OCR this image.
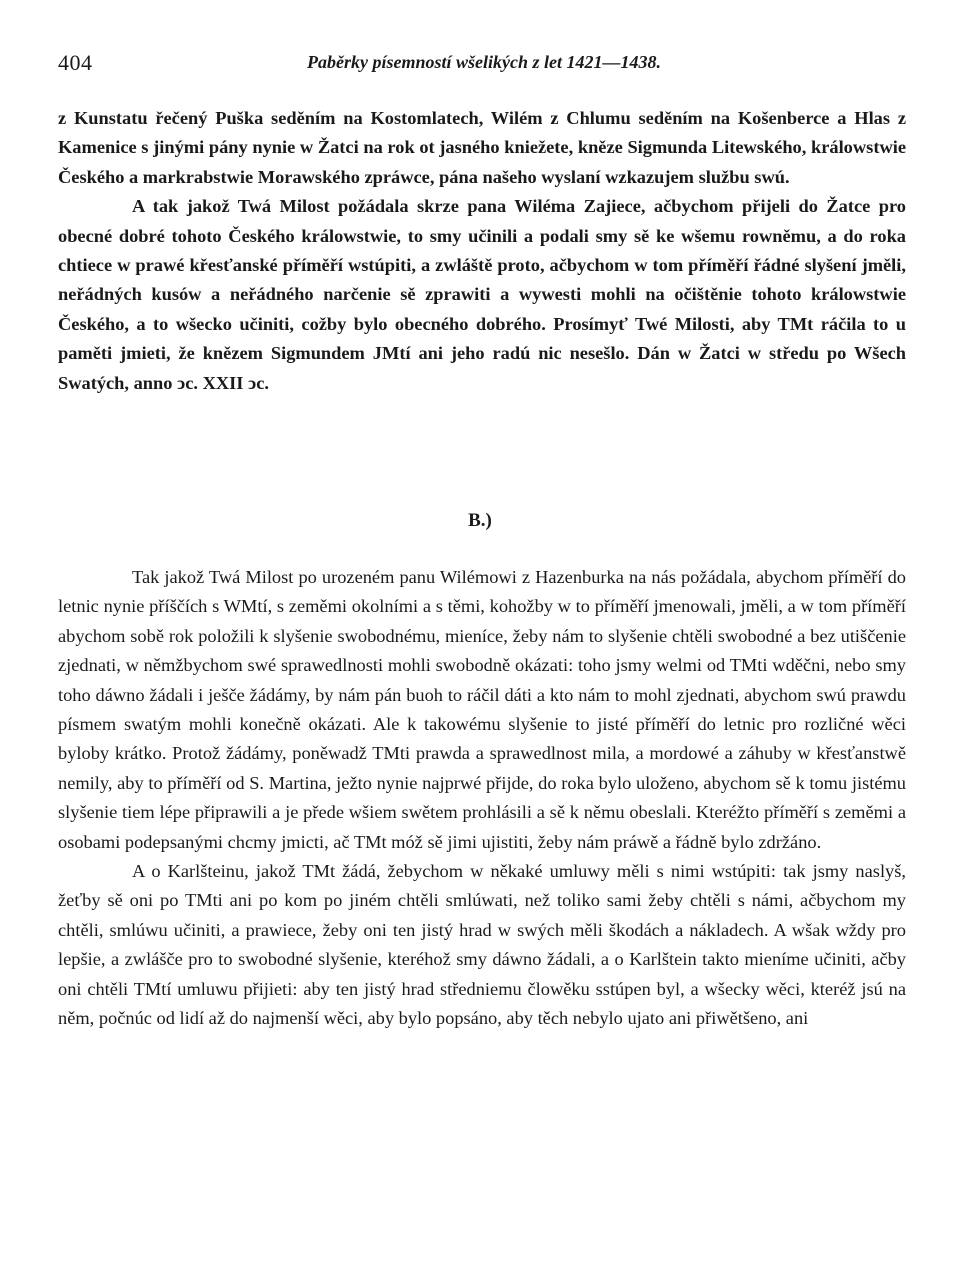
404	Paběrky písemností wšelikých z let 1421—1438.

z Kunstatu řečený Puška seděním na Kostomlatech, Wilém z Chlumu seděním na Košenberce a Hlas z Kamenice s jinými pány nynie w Žatci na rok ot jasného kniežete, kněze Sigmunda Litewského, králowstwie Českého a markrabstwie Morawského zpráwce, pána našeho wyslaní wzkazujem službu swú.

A tak jakož Twá Milost požádala skrze pana Wiléma Zajiece, ačbychom přijeli do Žatce pro obecné dobré tohoto Českého králowstwie, to smy učinili a podali smy sě ke wšemu rowněmu, a do roka chtiece w prawé křesťanské příměří wstúpiti, a zwláště proto, ačbychom w tom příměří řádné slyšení jměli, neřádných kusów a neřádného narčenie sě zprawiti a wywesti mohli na očištěnie tohoto králowstwie Českého, a to wšecko učiniti, cožby bylo obecného dobrého. Prosímyť Twé Milosti, aby TMt ráčila to u paměti jmieti, že knězem Sigmundem JMtí ani jeho radú nic nesešlo. Dán w Žatci w středu po Wšech Swatých, anno ↄc. XXII ↄc.

B.)

Tak jakož Twá Milost po urozeném panu Wilémowi z Hazenburka na nás požádala, abychom příměří do letnic nynie příščích s WMtí, s zeměmi okolními a s těmi, kohožby w to příměří jmenowali, jměli, a w tom příměří abychom sobě rok položili k slyšenie swobodnému, mieníce, žeby nám to slyšenie chtěli swobodné a bez utiščenie zjednati, w němžbychom swé sprawedlnosti mohli swobodně okázati: toho jsmy welmi od TMti wděčni, nebo smy toho dáwno žádali i ješče žádámy, by nám pán buoh to ráčil dáti a kto nám to mohl zjednati, abychom swú prawdu písmem swatým mohli konečně okázati. Ale k takowému slyšenie to jisté příměří do letnic pro rozličné wěci byloby krátko. Protož žádámy, poněwadž TMti prawda a sprawedlnost mila, a mordowé a záhuby w křesťanstwě nemily, aby to příměří od S. Martina, ježto nynie najprwé přijde, do roka bylo uloženo, abychom sě k tomu jistému slyšenie tiem lépe připrawili a je přede wšiem swětem prohlásili a sě k němu obeslali. Kteréžto příměří s zeměmi a osobami podepsanými chcmy jmicti, ač TMt móž sě jimi ujistiti, žeby nám práwě a řádně bylo zdržáno.

A o Karlšteinu, jakož TMt žádá, žebychom w někaké umluwy měli s nimi wstúpiti: tak jsmy naslyš, žeťby sě oni po TMti ani po kom po jiném chtěli smlúwati, než toliko sami žeby chtěli s námi, ačbychom my chtěli, smlúwu učiniti, a prawiece, žeby oni ten jistý hrad w swých měli škodách a nákladech. A wšak wždy pro lepšie, a zwlášče pro to swobodné slyšenie, kteréhož smy dáwno žádali, a o Karlštein takto mieníme učiniti, ačby oni chtěli TMtí umluwu přijieti: aby ten jistý hrad středniemu člowěku sstúpen byl, a wšecky wěci, kteréž jsú na něm, počnúc od lidí až do najmenší wěci, aby bylo popsáno, aby těch nebylo ujato ani přiwětšeno, ani
